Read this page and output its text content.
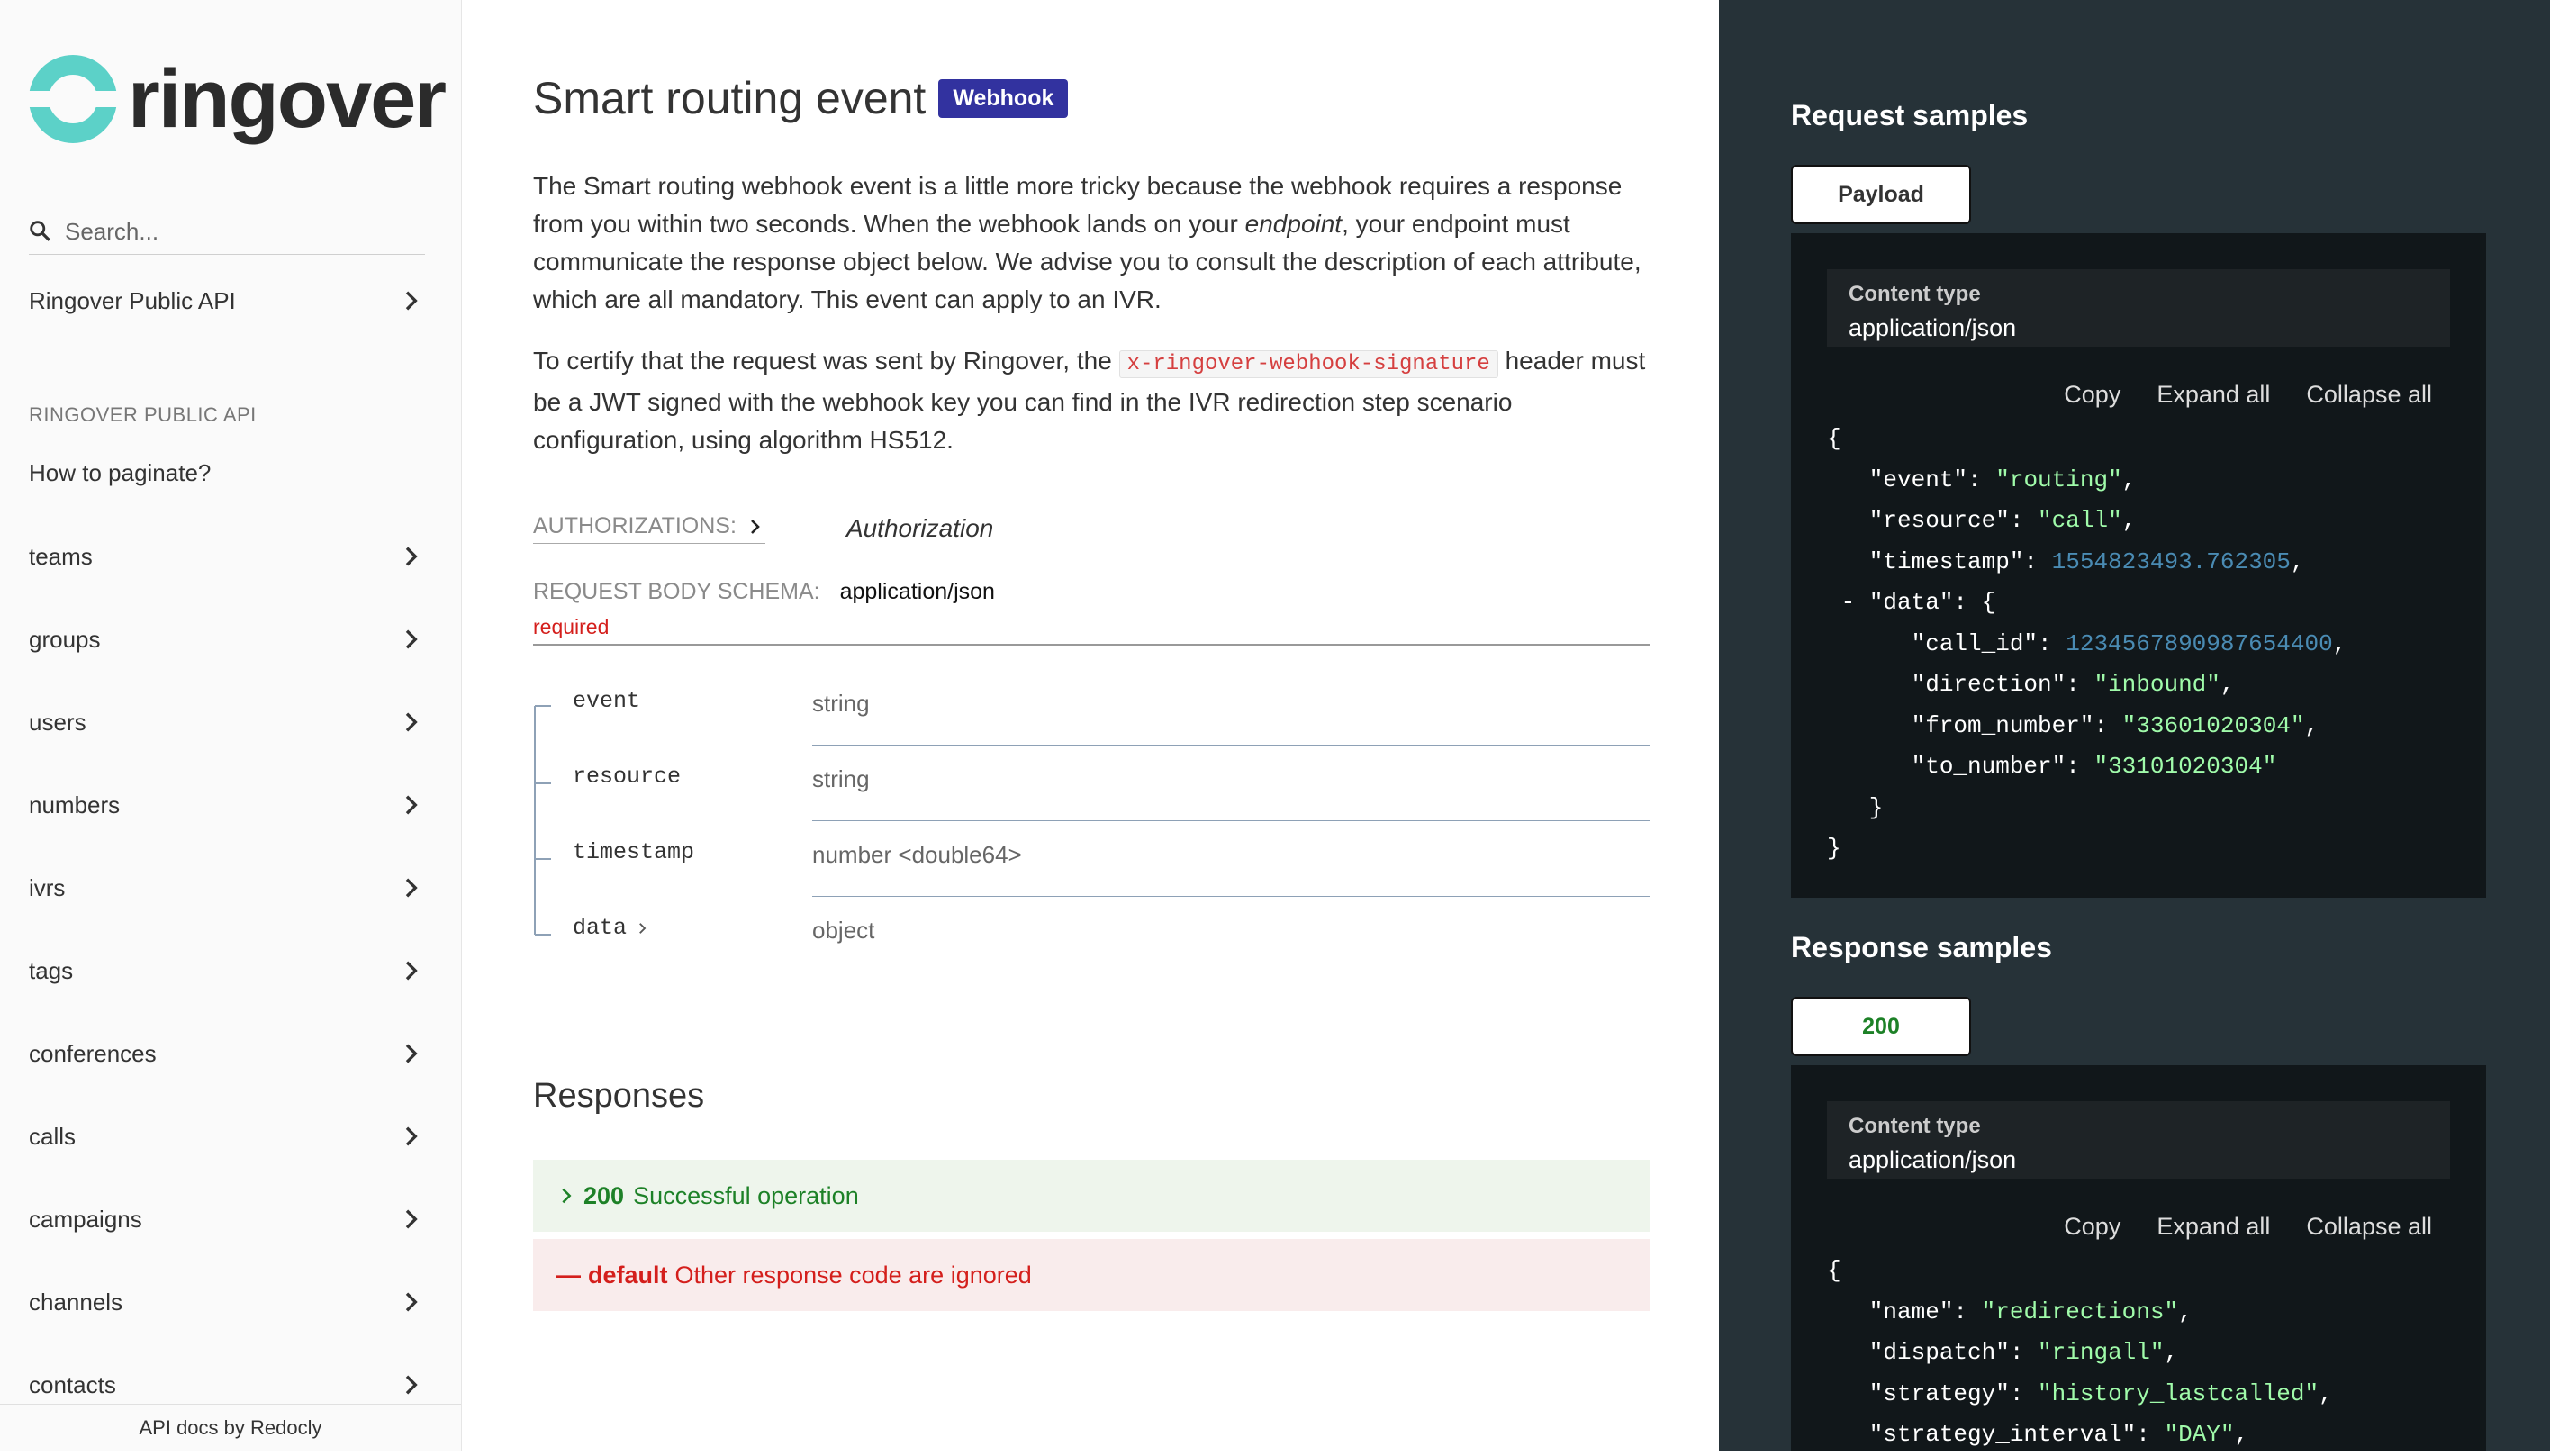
ringover
Search...
Ringover Public API
RINGOVER PUBLIC API
How to paginate?
teams
groups
users
numbers
ivrs
tags
conferences
calls
campaigns
channels
contacts
API docs by Redocly
Smart routing event	Webhook
The Smart routing webhook event is a little more tricky because the webhook requires a response from you within two seconds. When the webhook lands on your endpoint, your endpoint must communicate the response object below. We advise you to consult the description of each attribute, which are all mandatory. This event can apply to an IVR.
To certify that the request was sent by Ringover, the x-ringover-webhook-signature header must be a JWT signed with the webhook key you can find in the IVR redirection step scenario configuration, using algorithm HS512.
AUTHORIZATIONS:	Authorization
REQUEST BODY SCHEMA: application/json
required
event	string
resource	string
timestamp	number <double64>
data	object
Responses
200 Successful operation
— default Other response code are ignored
Request samples
Payload
Content type
application/json
Copy Expand all Collapse all
{
"event": "routing",
"resource": "call",
"timestamp": 1554823493.762305,
- "data": {
"call_id": 1234567890987654400,
"direction": "inbound",
"from_number": "33601020304",
"to_number": "33101020304"
}
}
Response samples
200
Content type
application/json
Copy Expand all Collapse all
{
"name": "redirections",
"dispatch": "ringall",
"strategy": "history_lastcalled",
"strategy_interval": "DAY",
